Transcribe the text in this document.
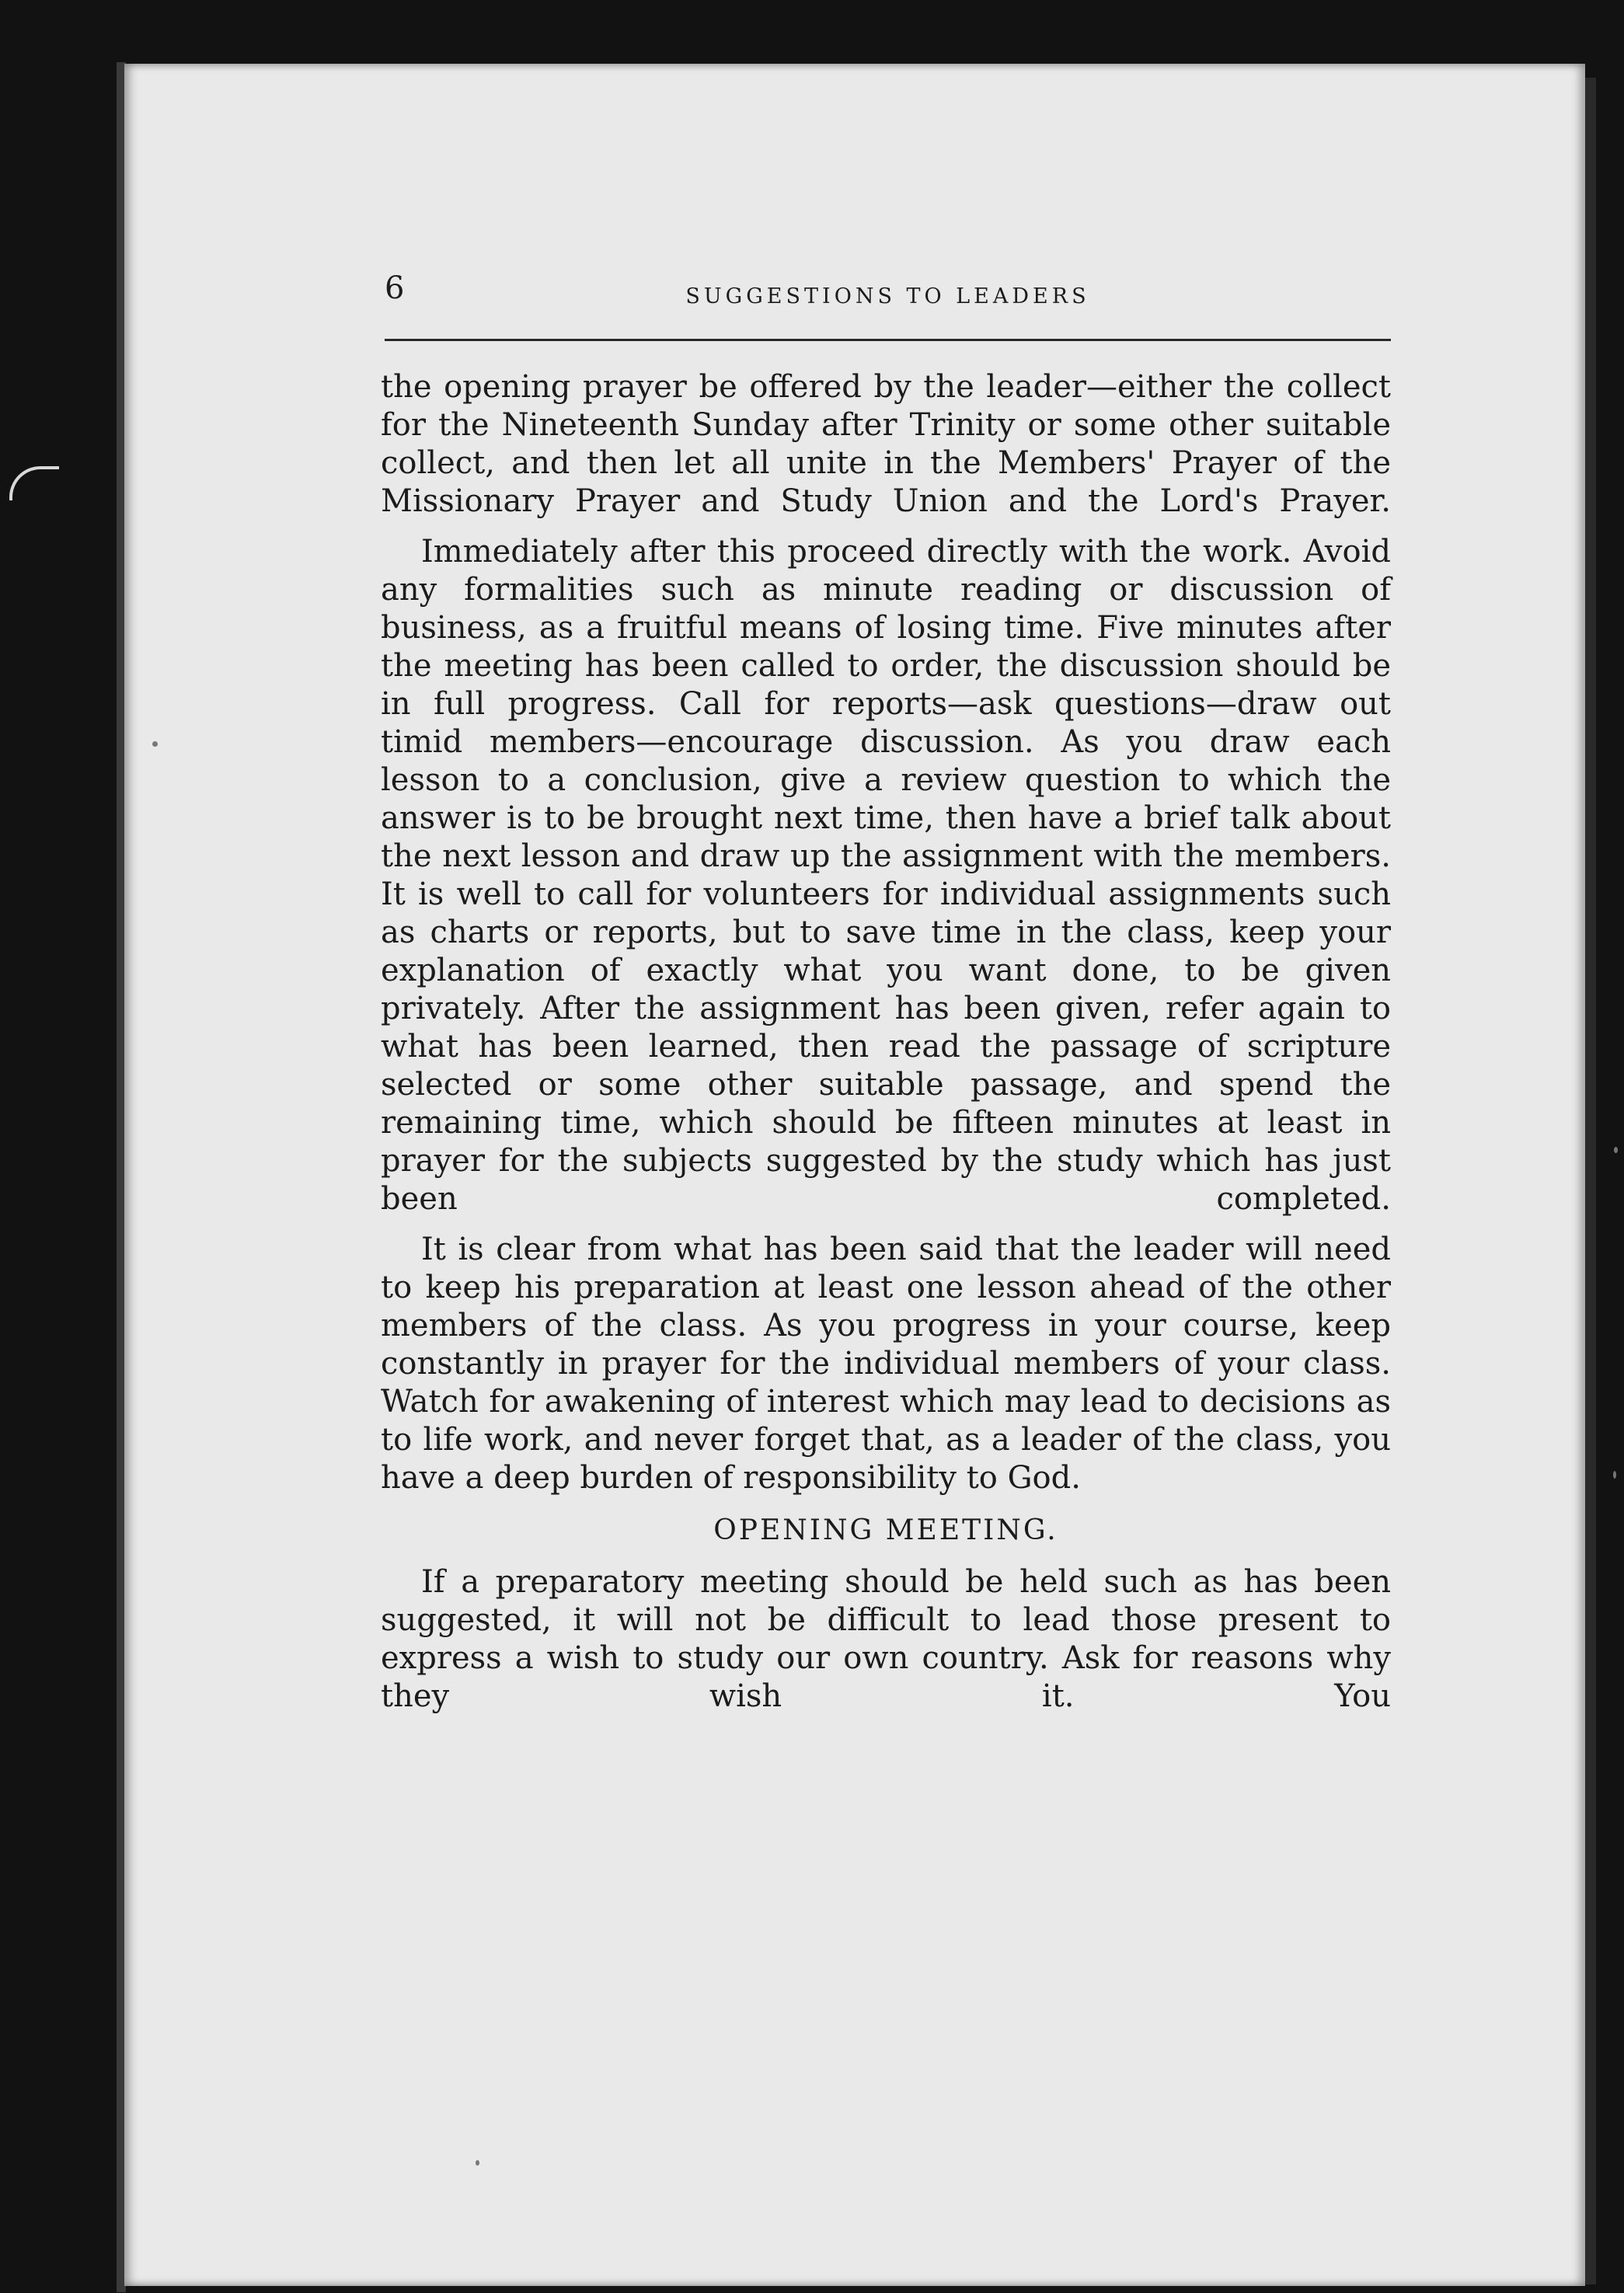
6	SUGGESTIONS TO LEADERS

the opening prayer be offered by the leader—either the collect for the Nineteenth Sunday after Trinity or some other suitable collect, and then let all unite in the Members' Prayer of the Missionary Prayer and Study Union and the Lord's Prayer.

Immediately after this proceed directly with the work. Avoid any formalities such as minute reading or discussion of business, as a fruitful means of losing time. Five minutes after the meeting has been called to order, the discussion should be in full progress. Call for reports—ask questions—draw out timid members—encourage discussion. As you draw each lesson to a conclusion, give a review question to which the answer is to be brought next time, then have a brief talk about the next lesson and draw up the assignment with the members. It is well to call for volunteers for individual assignments such as charts or reports, but to save time in the class, keep your explanation of exactly what you want done, to be given privately. After the assignment has been given, refer again to what has been learned, then read the passage of scripture selected or some other suitable passage, and spend the remaining time, which should be fifteen minutes at least in prayer for the subjects suggested by the study which has just been completed.

It is clear from what has been said that the leader will need to keep his preparation at least one lesson ahead of the other members of the class. As you progress in your course, keep constantly in prayer for the individual members of your class. Watch for awakening of interest which may lead to decisions as to life work, and never forget that, as a leader of the class, you have a deep burden of responsibility to God.

OPENING MEETING.

If a preparatory meeting should be held such as has been suggested, it will not be difficult to lead those present to express a wish to study our own country. Ask for reasons why they wish it. You
